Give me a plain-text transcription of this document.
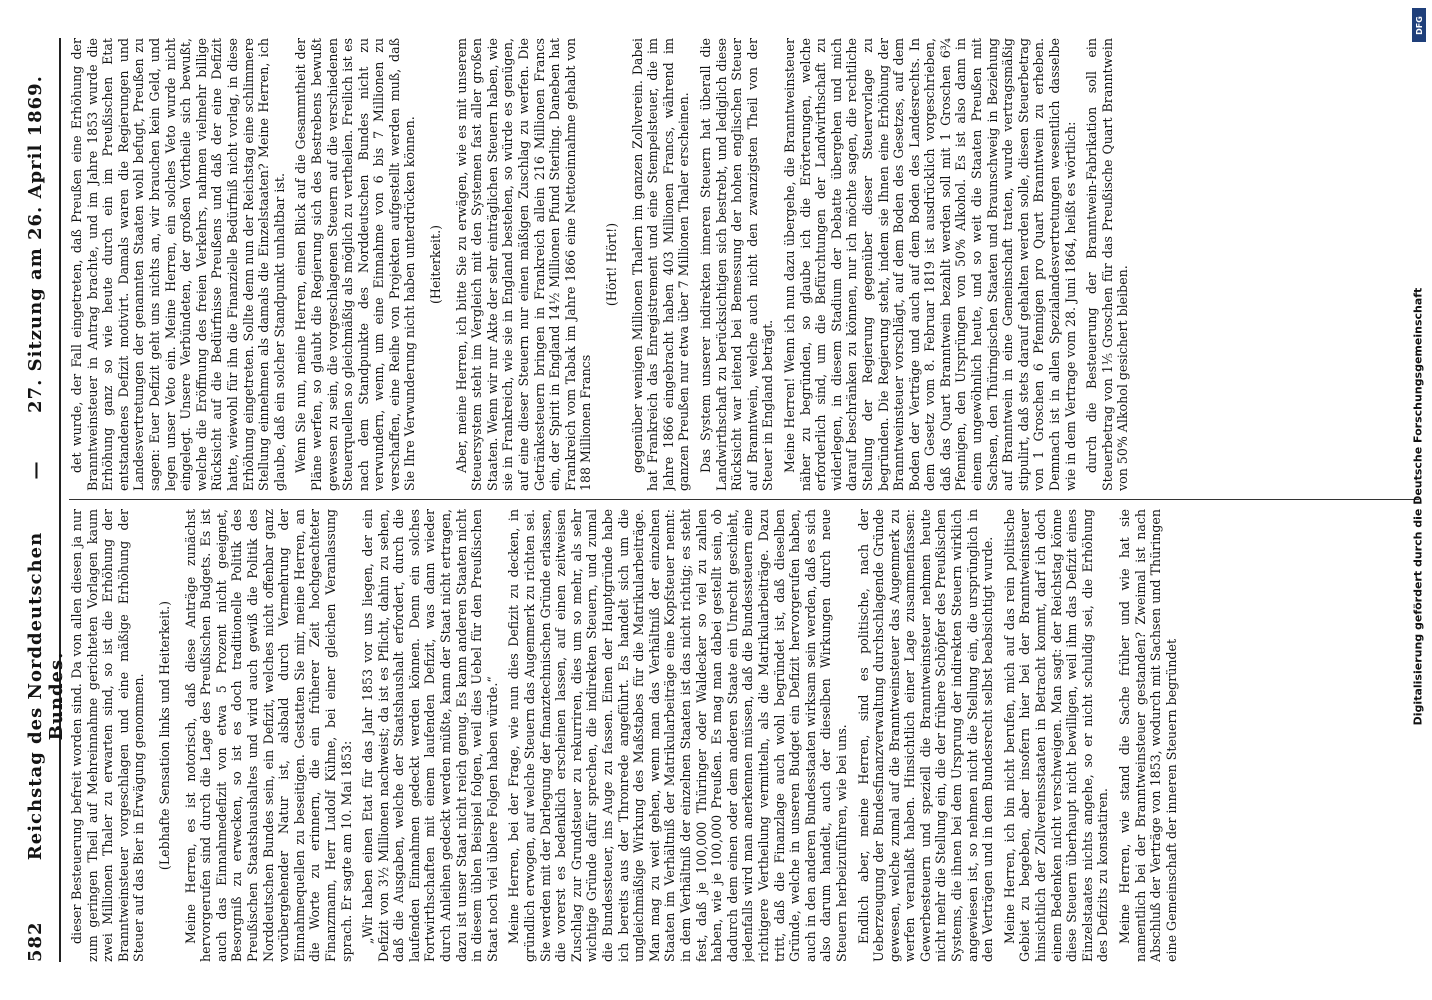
582
Reichstag des Norddeutschen Bundes.
—
27. Sitzung am 26. April 1869.

dieser Besteuerung befreit worden sind. Da von allen diesen ja nur zum geringen Theil auf Mehreinnahme gerichteten Vorlagen kaum zwei Millionen Thaler zu erwarten sind, so ist die Erhöhung der Branntweinsteuer vorgeschlagen und eine mäßige Erhöhung der Steuer auf das Bier in Erwägung genommen. (Lebhafte Sensation links und Heiterkeit.) Meine Herren, es ist notorisch, daß diese Anträge zunächst hervorgerufen sind durch die Lage des Preußischen Budgets. Es ist auch das Einnahmedefizit von etwa 5 Prozent nicht geeignet, Besorgniß zu erwecken, so ist es doch traditionelle Politik des Preußischen Staatshaushaltes und wird auch gewiß die Politik des Norddeutschen Bundes sein, ein Defizit, welches nicht offenbar ganz vorübergehender Natur ist, alsbald durch Vermehrung der Einnahmequellen zu beseitigen. Gestatten Sie mir, meine Herren, an die Worte zu erinnern, die ein früherer Zeit hochgeachteter Finanzmann, Herr Ludolf Kühne, bei einer gleichen Veranlassung sprach. Er sagte am 10. Mai 1853: „Wir haben einen Etat für das Jahr 1853 vor uns liegen, der ein Defizit von 3½ Millionen nachweist; da ist es Pflicht, dahin zu sehen, daß die Ausgaben, welche der Staatshaushalt erfordert, durch die laufenden Einnahmen gedeckt werden können. Denn ein solches Fortwirthschaften mit einem laufenden Defizit, was dann wieder durch Anleihen gedeckt werden müßte, kann der Staat nicht ertragen, dazu ist unser Staat nicht reich genug. Es kann anderen Staaten nicht in diesem üblen Beispiel folgen, weil dies Uebel für den Preußischen Staat noch viel üblere Folgen haben würde.“ Meine Herren, bei der Frage, wie nun dies Defizit zu decken, in gründlich erwogen, auf welche Steuern das Augenmerk zu richten sei. Sie werden mit der Darlegung der finanztechnischen Gründe erlassen, die vorerst es bedenklich erscheinen lassen, auf einen zeitweisen Zuschlag zur Grundsteuer zu rekurriren, dies um so mehr, als sehr wichtige Gründe dafür sprechen, die indirekten Steuern, und zumal die Bundessteuer, ins Auge zu fassen. Einen der Hauptgründe habe ich bereits aus der Thronrede angeführt. Es handelt sich um die ungleichmäßige Wirkung des Maßstabes für die Matrikularbeiträge. Man mag zu weit gehen, wenn man das Verhältniß der einzelnen Staaten im Verhältniß der Matrikularbeiträge eine Kopfsteuer nennt: in dem Verhältniß der einzelnen Staaten ist das nicht richtig; es steht fest, daß je 100,000 Thüringer oder Waldecker so viel zu zahlen haben, wie je 100,000 Preußen. Es mag man dabei gestellt sein, ob dadurch dem einen oder dem anderen Staate ein Unrecht geschieht, jedenfalls wird man anerkennen müssen, daß die Bundessteuern eine richtigere Vertheilung vermitteln, als die Matrikularbeiträge. Dazu tritt, daß die Finanzlage auch wohl begründet ist, daß dieselben Gründe, welche in unseren Budget ein Defizit hervorgerufen haben, auch in den anderen Bundesstaaten wirksam sein werden, daß es sich also darum handelt, auch der dieselben Wirkungen durch neue Steuern herbeizuführen, wie bei uns. Endlich aber, meine Herren, sind es politische, nach der Ueberzeugung der Bundesfinanzverwaltung durchschlagende Gründe gewesen, welche zumal auf die Branntweinsteuer das Augenmerk zu werfen veranlaßt haben. Hinsichtlich einer Lage zusammenfassen: Gewerbesteuern und speziell die Branntweinsteuer nehmen heute nicht mehr die Stellung ein, die der frühere Schöpfer des Preußischen Systems, die ihnen bei dem Ursprung der indirekten Steuern wirklich angewiesen ist, so nehmen nicht die Stellung ein, die ursprünglich in den Verträgen und in dem Bundesrecht selbst beabsichtigt wurde. Meine Herren, ich bin nicht berufen, mich auf das rein politische Gebiet zu begeben, aber insofern hier bei der Branntweinsteuer hinsichtlich der Zollvereinsstaaten in Betracht kommt, darf ich doch einem Bedenken nicht verschweigen. Man sagt: der Reichstag könne diese Steuern überhaupt nicht bewilligen, weil ihm das Defizit eines Einzelstaates nichts angehe, so er nicht schuldig sei, die Erhöhung des Defizits zu konstatiren. Meine Herren, wie stand die Sache früher und wie hat sie namentlich bei der Branntweinsteuer gestanden? Zweimal ist nach Abschluß der Verträge von 1853, wodurch mit Sachsen und Thüringen eine Gemeinschaft der inneren Steuern begründet

det wurde, der Fall eingetreten, daß Preußen eine Erhöhung der Branntweinsteuer in Antrag brachte, und im Jahre 1853 wurde die Erhöhung ganz so wie heute durch ein im Preußischen Etat entstandenes Defizit motivirt. Damals waren die Regierungen und Landesvertretungen der genannten Staaten wohl befugt, Preußen zu sagen: Euer Defizit geht uns nichts an, wir brauchen kein Geld, und legen unser Veto ein. Meine Herren, ein solches Veto wurde nicht eingelegt. Unsere Verbündeten, der großen Vortheile sich bewußt, welche die Eröffnung des freien Verkehrs, nahmen vielmehr billige Rücksicht auf die Bedürfnisse Preußens und daß der eine Defizit hatte, wiewohl für ihn die Finanzielle Bedürfniß nicht vorlag, in diese Erhöhung eingetreten. Sollte denn nun der Reichstag eine schlimmere Stellung einnehmen als damals die Einzelstaaten? Meine Herren, ich glaube, daß ein solcher Standpunkt unhaltbar ist. Wenn Sie nun, meine Herren, einen Blick auf die Gesammtheit der Pläne werfen, so glaubt die Regierung sich des Bestrebens bewußt gewesen zu sein, die vorgeschlagenen Steuern auf die verschiedenen Steuerquellen so gleichmäßig als möglich zu vertheilen. Freilich ist es nach dem Standpunkte des Norddeutschen Bundes nicht zu verwundern, wenn, um eine Einnahme von 6 bis 7 Millionen zu verschaffen, eine Reihe von Projekten aufgestellt werden muß, daß Sie Ihre Verwunderung nicht haben unterdrücken können. (Heiterkeit.) Aber, meine Herren, ich bitte Sie zu erwägen, wie es mit unserem Steuersystem steht im Vergleich mit den Systemen fast aller großen Staaten. Wenn wir nur Akte der sehr einträglichen Steuern haben, wie sie in Frankreich, wie sie in England bestehen, so würde es genügen, auf eine dieser Steuern nur einen mäßigen Zuschlag zu werfen. Die Getränkesteuern bringen in Frankreich allein 216 Millionen Francs ein, der Spirit in England 14½ Millionen Pfund Sterling. Daneben hat Frankreich vom Tabak im Jahre 1866 eine Nettoeinnahme gehabt von 188 Millionen Francs

(Hört! Hört!) gegenüber wenigen Millionen Thalern im ganzen Zollverein. Dabei hat Frankreich das Enregistrement und eine Stempelsteuer, die im Jahre 1866 eingebracht haben 403 Millionen Francs, während im ganzen Preußen nur etwa über 7 Millionen Thaler erscheinen. Das System unserer indirekten inneren Steuern hat überall die Landwirthschaft zu berücksichtigen sich bestrebt, und lediglich diese Rücksicht war leitend bei Bemessung der hohen englischen Steuer auf Branntwein, welche auch nicht den zwanzigsten Theil von der Steuer in England beträgt. Meine Herren! Wenn ich nun dazu übergehe, die Branntweinsteuer näher zu begründen, so glaube ich die Erörterungen, welche erforderlich sind, um die Befürchtungen der Landwirthschaft zu widerlegen, in diesem Stadium der Debatte übergehen und mich darauf beschränken zu können, nur ich möchte sagen, die rechtliche Stellung der Regierung gegenüber dieser Steuervorlage zu begründen. Die Regierung steht, indem sie Ihnen eine Erhöhung der Branntweinsteuer vorschlägt, auf dem Boden des Gesetzes, auf dem Boden der Verträge und auch auf dem Boden des Landesrechts. In dem Gesetz vom 8. Februar 1819 ist ausdrücklich vorgeschrieben, daß das Quart Branntwein bezahlt werden soll mit 1 Groschen 6¾ Pfennigen, den Ursprüngen von 50% Alkohol. Es ist also dann in einem ungewöhnlich heute, und so weit die Staaten Preußen mit Sachsen, den Thüringischen Staaten und Braunschweig in Beziehung auf Branntwein in eine Gemeinschaft traten, wurde vertragsmäßig stipulirt, daß stets darauf gehalten werden solle, diesen Steuerbetrag von 1 Groschen 6 Pfennigen pro Quart Branntwein zu erheben. Demnach ist in allen Spezialandesvertretungen wesentlich dasselbe wie in dem Vertrage vom 28. Juni 1864, heißt es wörtlich: durch die Besteuerung der Branntwein-Fabrikation soll ein Steuerbetrag von 1⅕ Groschen für das Preußische Quart Branntwein von 50% Alkohol gesichert bleiben.	Digitalisierung gefördert durch die Deutsche Forschungsgemeinschaft
DFG
